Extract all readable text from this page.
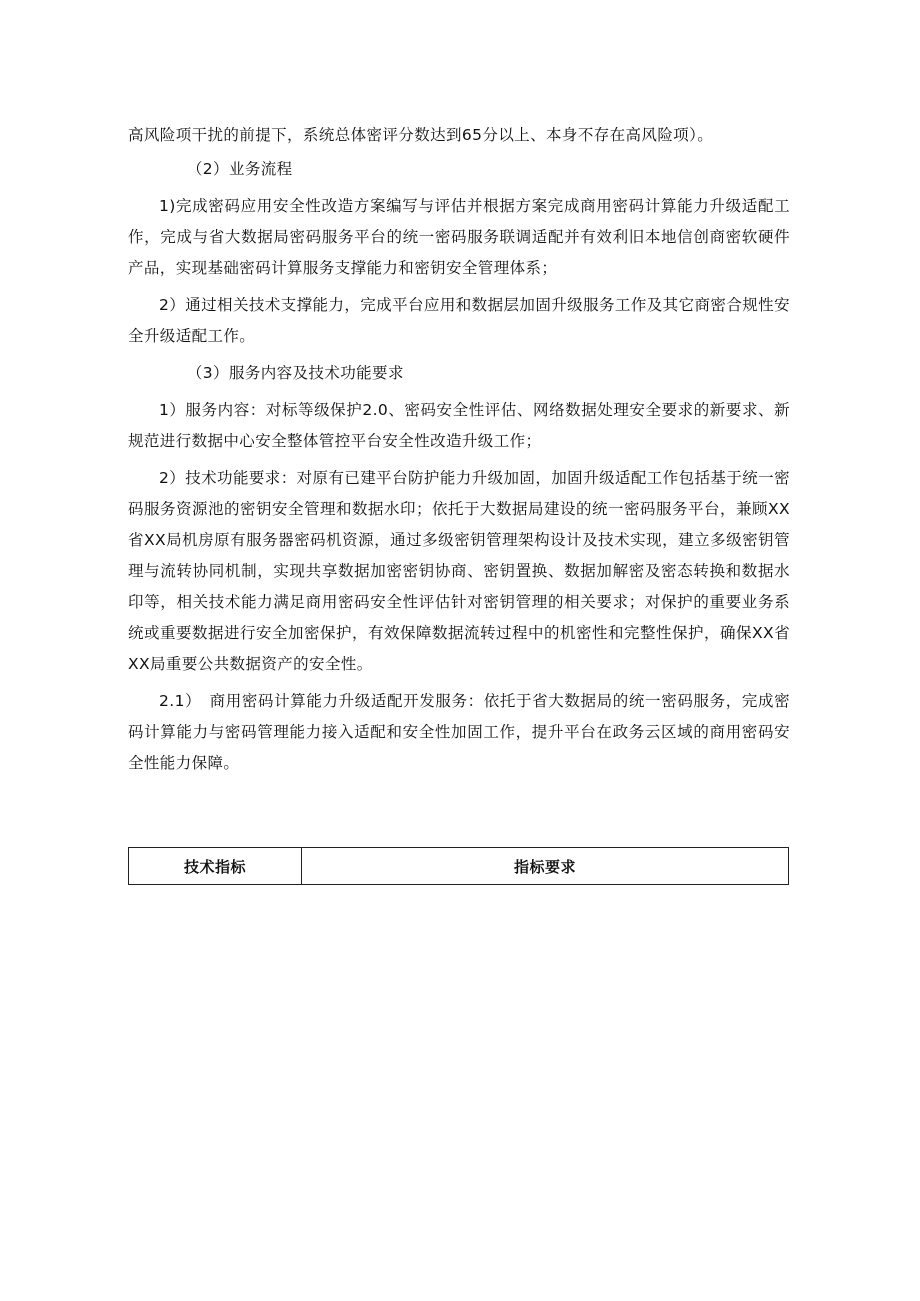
高风险项干扰的前提下，系统总体密评分数达到65分以上、本身不存在高风险项）。

（2）业务流程

1)完成密码应用安全性改造方案编写与评估并根据方案完成商用密码计算能力升级适配工作，完成与省大数据局密码服务平台的统一密码服务联调适配并有效利旧本地信创商密软硬件产品，实现基础密码计算服务支撑能力和密钥安全管理体系；

2）通过相关技术支撑能力，完成平台应用和数据层加固升级服务工作及其它商密合规性安全升级适配工作。

（3）服务内容及技术功能要求

1）服务内容：对标等级保护2.0、密码安全性评估、网络数据处理安全要求的新要求、新规范进行数据中心安全整体管控平台安全性改造升级工作；

2）技术功能要求：对原有已建平台防护能力升级加固，加固升级适配工作包括基于统一密码服务资源池的密钥安全管理和数据水印；依托于大数据局建设的统一密码服务平台，兼顾XX省XX局机房原有服务器密码机资源，通过多级密钥管理架构设计及技术实现，建立多级密钥管理与流转协同机制，实现共享数据加密密钥协商、密钥置换、数据加解密及密态转换和数据水印等，相关技术能力满足商用密码安全性评估针对密钥管理的相关要求；对保护的重要业务系统或重要数据进行安全加密保护，有效保障数据流转过程中的机密性和完整性保护，确保XX省XX局重要公共数据资产的安全性。

2.1）　商用密码计算能力升级适配开发服务：依托于省大数据局的统一密码服务，完成密码计算能力与密码管理能力接入适配和安全性加固工作，提升平台在政务云区域的商用密码安全性能力保障。

技术指标	指标要求
